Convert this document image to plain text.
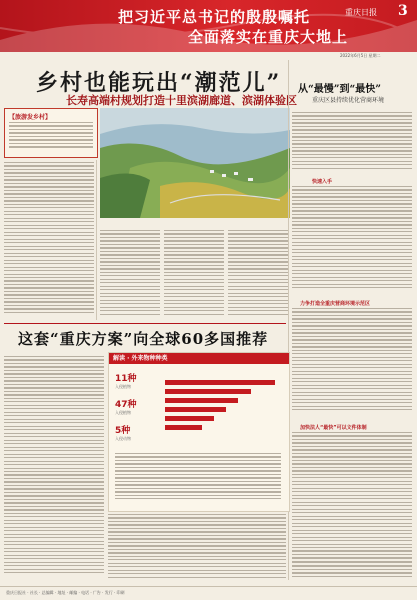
把习近平总书记的殷殷嘱托
全面落实在重庆大地上
重庆日报 3
2022年6月5日 星期二
乡村也能玩出“潮范儿”
长寿高端村规划打造十里滨湖廊道、滨湖体验区
【旅游发乡村】
从“最慢”到“最快”
重庆区县持续优化营商环境
快速入手
力争打造全重庆营商环境示范区
加快法人“最快”可以文件体制
这套“重庆方案”向全球60多国推荐
解读 · 外来物种种类
11种
入侵植物
47种
入侵植物
5种
入侵动物
重庆日报社 · 社长 · 总编辑 · 地址 · 邮编 · 电话 · 广告 · 发行 · 印刷
